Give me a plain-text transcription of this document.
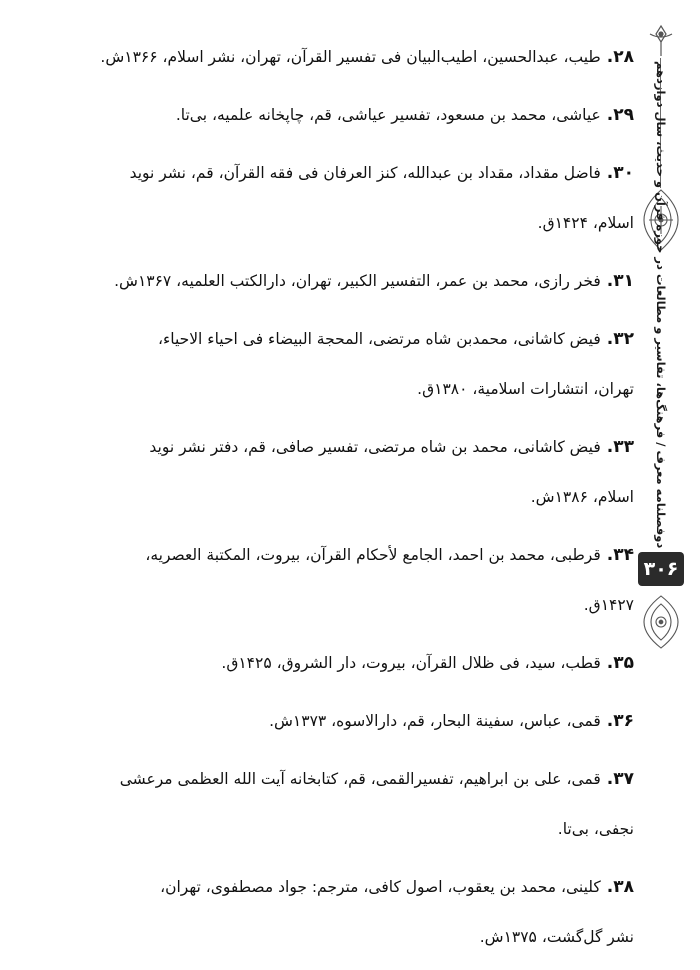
۲۸.طیب، عبدالحسین، اطیب‌البیان فی تفسیر القرآن، تهران، نشر اسلام، ۱۳۶۶ش.
۲۹.عیاشی، محمد بن مسعود، تفسیر عیاشی، قم، چاپخانه علمیه، بی‌تا.
۳۰.فاضل مقداد، مقداد بن عبدالله، کنز العرفان فی فقه القرآن، قم، نشر نوید
اسلام، ۱۴۲۴ق.
۳۱.فخر رازی، محمد بن عمر، التفسیر الکبیر، تهران، دارالکتب العلمیه، ۱۳۶۷ش.
۳۲.فیض کاشانی، محمدبن شاه مرتضی، المحجة البیضاء فی احیاء الاحیاء،
تهران، انتشارات اسلامیة، ۱۳۸۰ق.
۳۳.فیض کاشانی، محمد بن شاه مرتضی، تفسیر صافی، قم، دفتر نشر نوید
اسلام، ۱۳۸۶ش.
۳۴.قرطبی، محمد بن احمد، الجامع لأحکام القرآن، بیروت، المکتبة العصریه،
۱۴۲۷ق.
۳۵.قطب، سید، فی ظلال القرآن، بیروت، دار الشروق، ۱۴۲۵ق.
۳۶.قمی، عباس، سفینة البحار، قم، دارالاسوه، ۱۳۷۳ش.
۳۷.قمی، علی بن ابراهیم، تفسیرالقمی، قم، کتابخانه آیت الله العظمی مرعشی
نجفی، بی‌تا.
۳۸.کلینی، محمد بن یعقوب، اصول کافی، مترجم: جواد مصطفوی، تهران،
نشر گل‌گشت، ۱۳۷۵ش.
دوفصلنامه معرف / فرهنگ‌ها، تفاسیر و مطالعات در حوزه قرآن و حدیث، سال دوازدهم
۳۰۶
